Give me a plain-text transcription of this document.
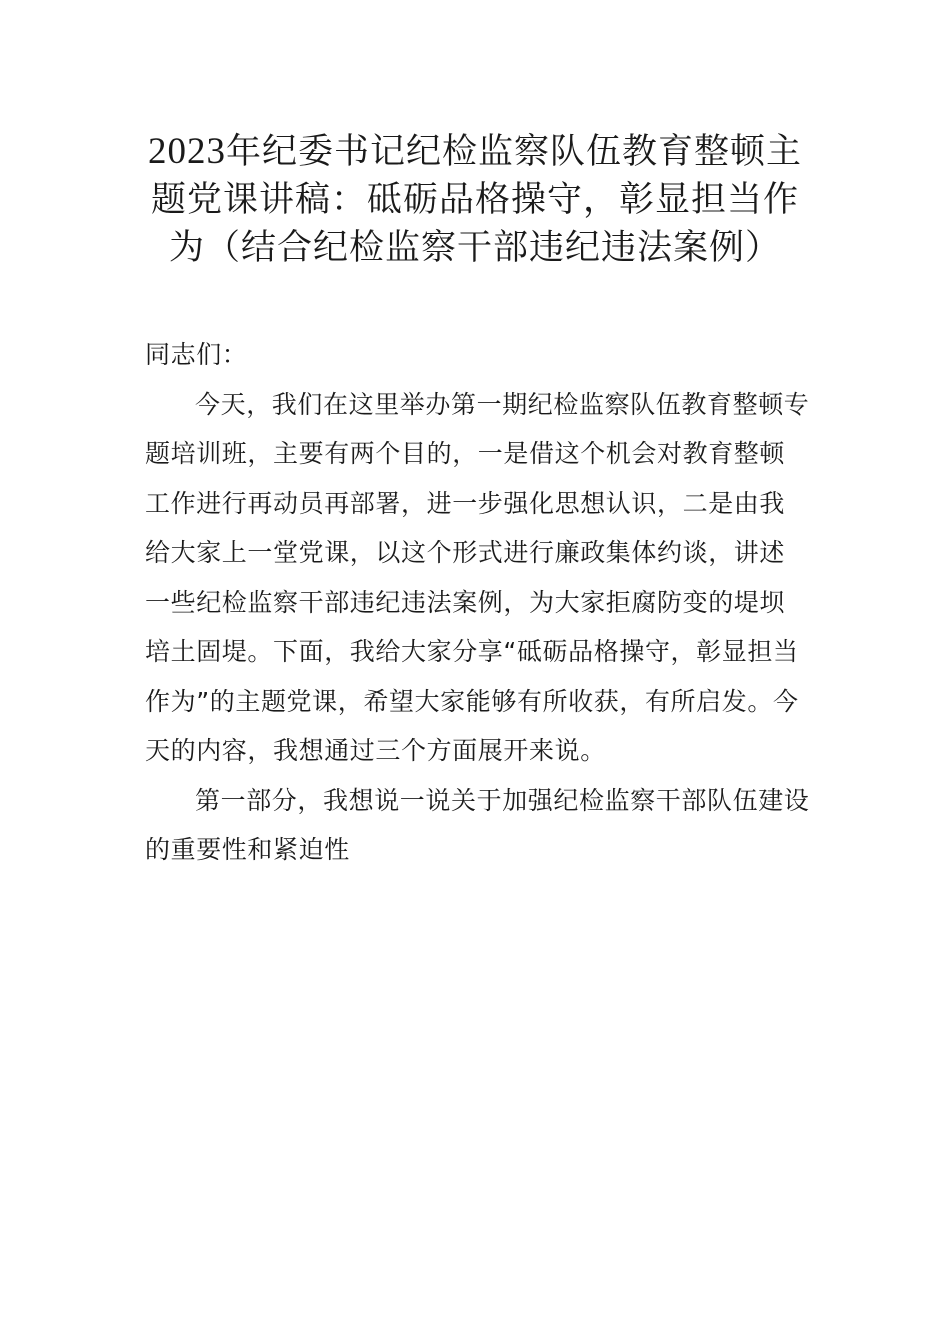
2023年纪委书记纪检监察队伍教育整顿主题党课讲稿：砥砺品格操守，彰显担当作为（结合纪检监察干部违纪违法案例）

同志们：

今天，我们在这里举办第一期纪检监察队伍教育整顿专题培训班，主要有两个目的，一是借这个机会对教育整顿工作进行再动员再部署，进一步强化思想认识，二是由我给大家上一堂党课，以这个形式进行廉政集体约谈，讲述一些纪检监察干部违纪违法案例，为大家拒腐防变的堤坝培土固堤。下面，我给大家分享“砥砺品格操守，彰显担当作为”的主题党课，希望大家能够有所收获，有所启发。今天的内容，我想通过三个方面展开来说。

第一部分，我想说一说关于加强纪检监察干部队伍建设的重要性和紧迫性
